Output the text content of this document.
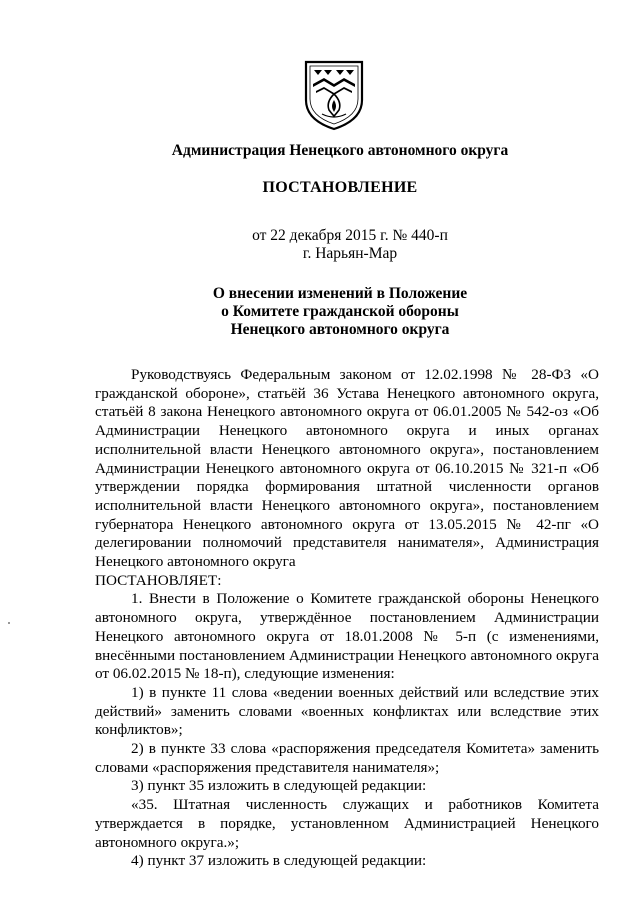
Администрация Ненецкого автономного округа
ПОСТАНОВЛЕНИЕ
от 22 декабря 2015 г. № 440-п
г. Нарьян-Мар
О внесении изменений в Положение
о Комитете гражданской обороны
Ненецкого автономного округа

Руководствуясь Федеральным законом от 12.02.1998 № 28-ФЗ «О гражданской обороне», статьёй 36 Устава Ненецкого автономного округа, статьёй 8 закона Ненецкого автономного округа от 06.01.2005 № 542-оз «Об Администрации Ненецкого автономного округа и иных органах исполнительной власти Ненецкого автономного округа», постановлением Администрации Ненецкого автономного округа от 06.10.2015 № 321-п «Об утверждении порядка формирования штатной численности органов исполнительной власти Ненецкого автономного округа», постановлением губернатора Ненецкого автономного округа от 13.05.2015 № 42-пг «О делегировании полномочий представителя нанимателя», Администрация Ненецкого автономного округа

ПОСТАНОВЛЯЕТ:

1. Внести в Положение о Комитете гражданской обороны Ненецкого автономного округа, утверждённое постановлением Администрации Ненецкого автономного округа от 18.01.2008 № 5-п (с изменениями, внесёнными постановлением Администрации Ненецкого автономного округа от 06.02.2015 № 18-п), следующие изменения:

1) в пункте 11 слова «ведении военных действий или вследствие этих действий» заменить словами «военных конфликтах или вследствие этих конфликтов»;

2) в пункте 33 слова «распоряжения председателя Комитета» заменить словами «распоряжения представителя нанимателя»;

3) пункт 35 изложить в следующей редакции:

«35. Штатная численность служащих и работников Комитета утверждается в порядке, установленном Администрацией Ненецкого автономного округа.»;

4) пункт 37 изложить в следующей редакции:
